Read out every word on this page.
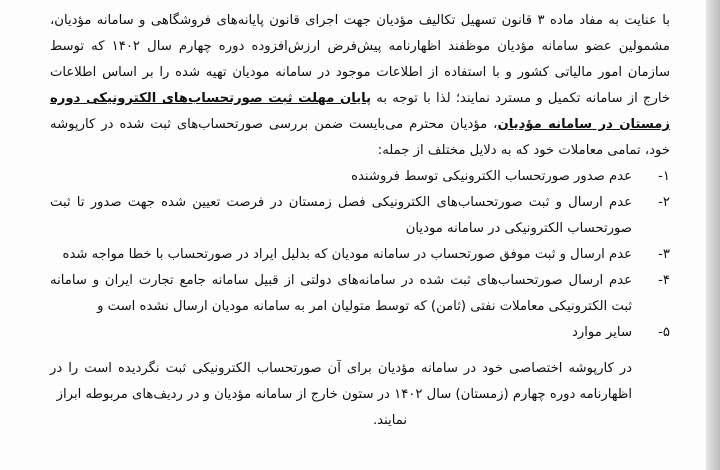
با عنایت به مفاد ماده ۳ قانون تسهیل تکالیف مؤدیان جهت اجرای قانون پایانه‌های فروشگاهی و سامانه مؤدیان، مشمولین عضو سامانه مؤدیان موظفند اظهارنامه پیش‌فرض ارزش‌افزوده دوره چهارم سال ۱۴۰۲ که توسط سازمان امور مالیاتی کشور و با استفاده از اطلاعات موجود در سامانه مودیان تهیه شده را بر اساس اطلاعات خارج از سامانه تکمیل و مسترد نمایند؛ لذا با توجه به پایان مهلت ثبت صورتحساب‌های الکترونیکی دوره زمستان در سامانه مؤدیان، مؤدیان محترم می‌بایست ضمن بررسی صورتحساب‌های ثبت شده در کارپوشه خود، تمامی معاملات خود که به دلایل مختلف از جمله:

۱-
عدم صدور صورتحساب الکترونیکی توسط فروشنده
۲-
عدم ارسال و ثبت صورتحساب‌های الکترونیکی فصل زمستان در فرصت تعیین شده جهت صدور تا ثبت صورتحساب الکترونیکی در سامانه مودیان
۳-
عدم ارسال و ثبت موفق صورتحساب در سامانه مودیان که بدلیل ایراد در صورتحساب با خطا مواجه شده
۴-
عدم ارسال صورتحساب‌های ثبت شده در سامانه‌های دولتی از قبیل سامانه جامع تجارت ایران و سامانه ثبت الکترونیکی معاملات نفتی (ثامن) که توسط متولیان امر به سامانه مودیان ارسال نشده است و
۵-
سایر موارد

در کارپوشه اختصاصی خود در سامانه مؤدیان برای آن صورتحساب الکترونیکی ثبت نگردیده است را در اظهارنامه دوره چهارم (زمستان) سال ۱۴۰۲ در ستون خارج از سامانه مؤدیان و در ردیف‌های مربوطه ابراز

نمایند.
